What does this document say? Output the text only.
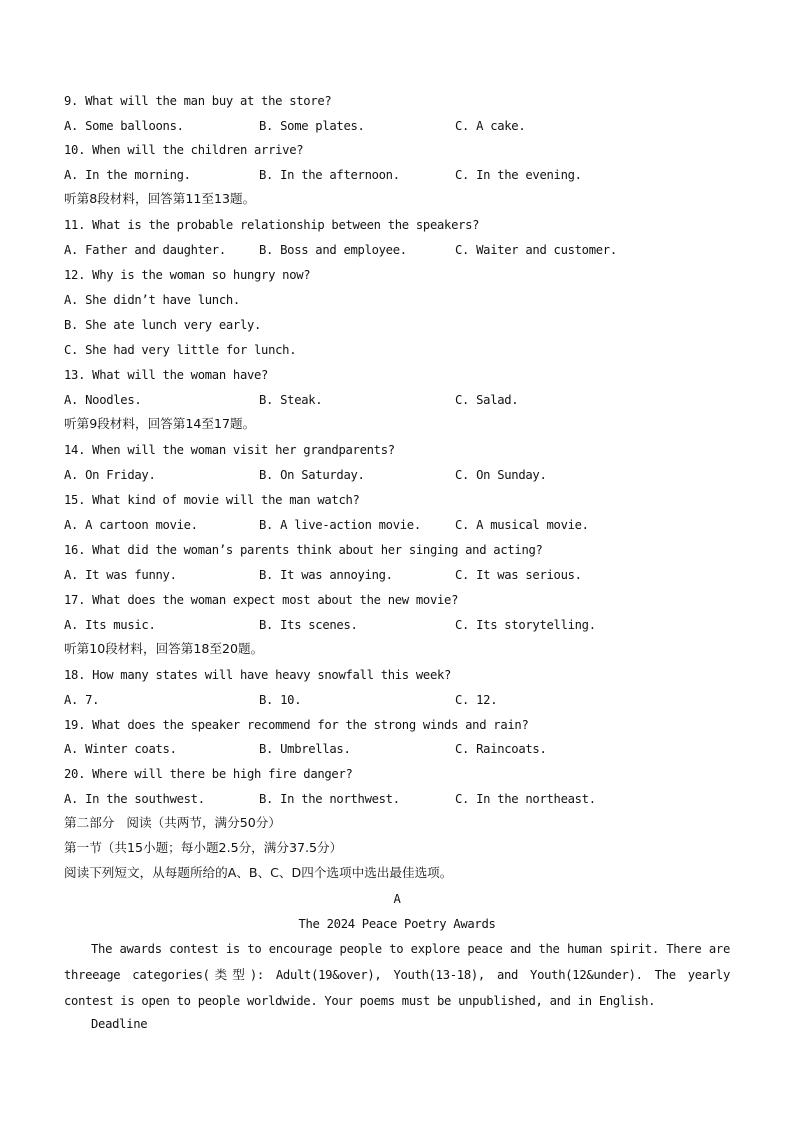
9. What will the man buy at the store?
A. Some balloons.	B. Some plates.	C. A cake.
10. When will the children arrive?
A. In the morning.	B. In the afternoon.	C. In the evening.
听第8段材料，回答第11至13题。
11. What is the probable relationship between the speakers?
A. Father and daughter.	B. Boss and employee.	C. Waiter and customer.
12. Why is the woman so hungry now?
A. She didn’t have lunch.
B. She ate lunch very early.
C. She had very little for lunch.
13. What will the woman have?
A. Noodles.	B. Steak.	C. Salad.
听第9段材料，回答第14至17题。
14. When will the woman visit her grandparents?
A. On Friday.	B. On Saturday.	C. On Sunday.
15. What kind of movie will the man watch?
A. A cartoon movie.	B. A live-action movie.	C. A musical movie.
16. What did the woman’s parents think about her singing and acting?
A. It was funny.	B. It was annoying.	C. It was serious.
17. What does the woman expect most about the new movie?
A. Its music.	B. Its scenes.	C. Its storytelling.
听第10段材料，回答第18至20题。
18. How many states will have heavy snowfall this week?
A. 7.	B. 10.	C. 12.
19. What does the speaker recommend for the strong winds and rain?
A. Winter coats.	B. Umbrellas.	C. Raincoats.
20. Where will there be high fire danger?
A. In the southwest.	B. In the northwest.	C. In the northeast.
第二部分   阅读（共两节，满分50分）
第一节（共15小题；每小题2.5分，满分37.5分）
阅读下列短文，从每题所给的A、B、C、D四个选项中选出最佳选项。
A
The 2024 Peace Poetry Awards
The awards contest is to encourage people to explore peace and the human spirit. There are threeage categories(类型): Adult(19&over), Youth(13-18), and Youth(12&under). The yearly contest is open to people worldwide. Your poems must be unpublished, and in English.
Deadline
